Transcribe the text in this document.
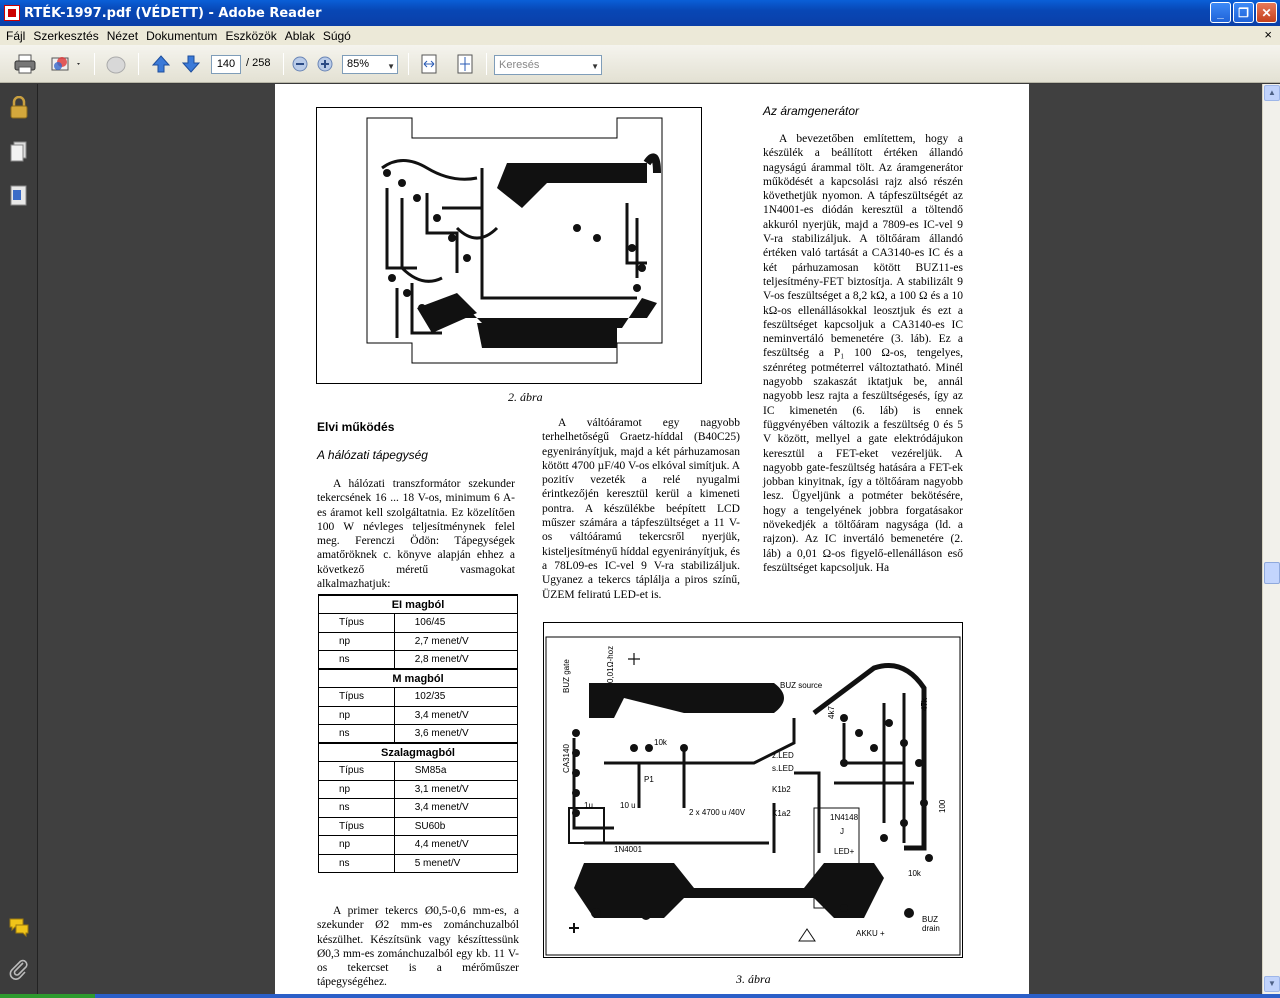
RTÉK-1997.pdf (VÉDETT) - Adobe Reader	_	❐	✕
Fájl Szerkesztés Nézet Dokumentum Eszközök Ablak Súgó	×
140 / 258	85% ▼	Keresés	▼
2. ábra
Elvi működés
A hálózati tápegység
Az áramgenerátor

A hálózati transzformátor szekunder tekercsének 16 ... 18 V-os, minimum 6 A-es áramot kell szolgáltatnia. Ez közelítően 100 W névleges teljesítménynek felel meg. Ferenczi Ödön: Tápegységek amatőröknek c. könyve alapján ehhez a következő méretű vasmagokat alkalmazhatjuk:

A váltóáramot egy nagyobb terhelhetőségű Graetz-híddal (B40C25) egyenirányítjuk, majd a két párhuzamosan kötött 4700 µF/40 V-os elkóval simítjuk. A pozitív vezeték a relé nyugalmi érintkezőjén keresztül kerül a kimeneti pontra. A készülékbe beépített LCD műszer számára a tápfeszültséget a 11 V-os váltóáramú tekercsről nyerjük, kisteljesítményű híddal egyenirányítjuk, és a 78L09-es IC-vel 9 V-ra stabilizáljuk. Ugyanez a tekercs táplálja a piros színű, ÜZEM feliratú LED-et is.

A bevezetőben említettem, hogy a készülék a beállított értéken állandó nagyságú árammal tölt. Az áramgenerátor működését a kapcsolási rajz alsó részén követhetjük nyomon. A tápfeszültségét az 1N4001-es diódán keresztül a töltendő akkuról nyerjük, majd a 7809-es IC-vel 9 V-ra stabilizáljuk. A töltőáram állandó értéken való tartását a CA3140-es IC és a két párhuzamosan kötött BUZ11-es teljesítmény-FET biztosítja. A stabilizált 9 V-os feszültséget a 8,2 kΩ, a 100 Ω és a 10 kΩ-os ellenállásokkal leosztjuk és ezt a feszültséget kapcsoljuk a CA3140-es IC neminvertáló bemenetére (3. láb). Ez a feszültség a P₁ 100 Ω-os, tengelyes, szénréteg potméterrel változtatható. Minél nagyobb szakaszát iktatjuk be, annál nagyobb lesz rajta a feszültségesés, így az IC kimenetén (6. láb) is ennek függvényében változik a feszültség 0 és 5 V között, mellyel a gate elektródájukon keresztül a FET-eket vezéreljük. A nagyobb gate-feszültség hatására a FET-ek jobban kinyitnak, így a töltőáram nagyobb lesz. Ügyeljünk a potméter bekötésére, hogy a tengelyének jobbra forgatásakor növekedjék a töltőáram nagysága (ld. a rajzon). Az IC invertáló bemenetére (2. láb) a 0,01 Ω-os figyelő-ellenálláson eső feszültséget kapcsoljuk. Ha

A primer tekercs Ø0,5-0,6 mm-es, a szekunder Ø2 mm-es zománchuzalból készülhet. Készítsünk vagy készíttessünk Ø0,3 mm-es zománchuzalból egy kb. 11 V-os tekercset is a mérőműszer tápegységéhez.

EI magból	
Típus	106/45
np	2,7 menet/V
ns	2,8 menet/V
M magból	
Típus	102/35
np	3,4 menet/V
ns	3,6 menet/V
Szalagmagból	
Típus	SM85a
np	3,1 menet/V
ns	3,4 menet/V
Típus	SU60b
np	4,4 menet/V
ns	5 menet/V
BUZ source
BUZ gate	0,01Ω-hoz
CA3140
10k
P1
2 x 4700 u /40V
1u	10 u
1N4001
z.LED
s.LED
K1b2
K1a2	1N4148
J
LED+
10k
AKKU +
BUZ drain
4k7
47k
100
3. ábra
▲
▼
